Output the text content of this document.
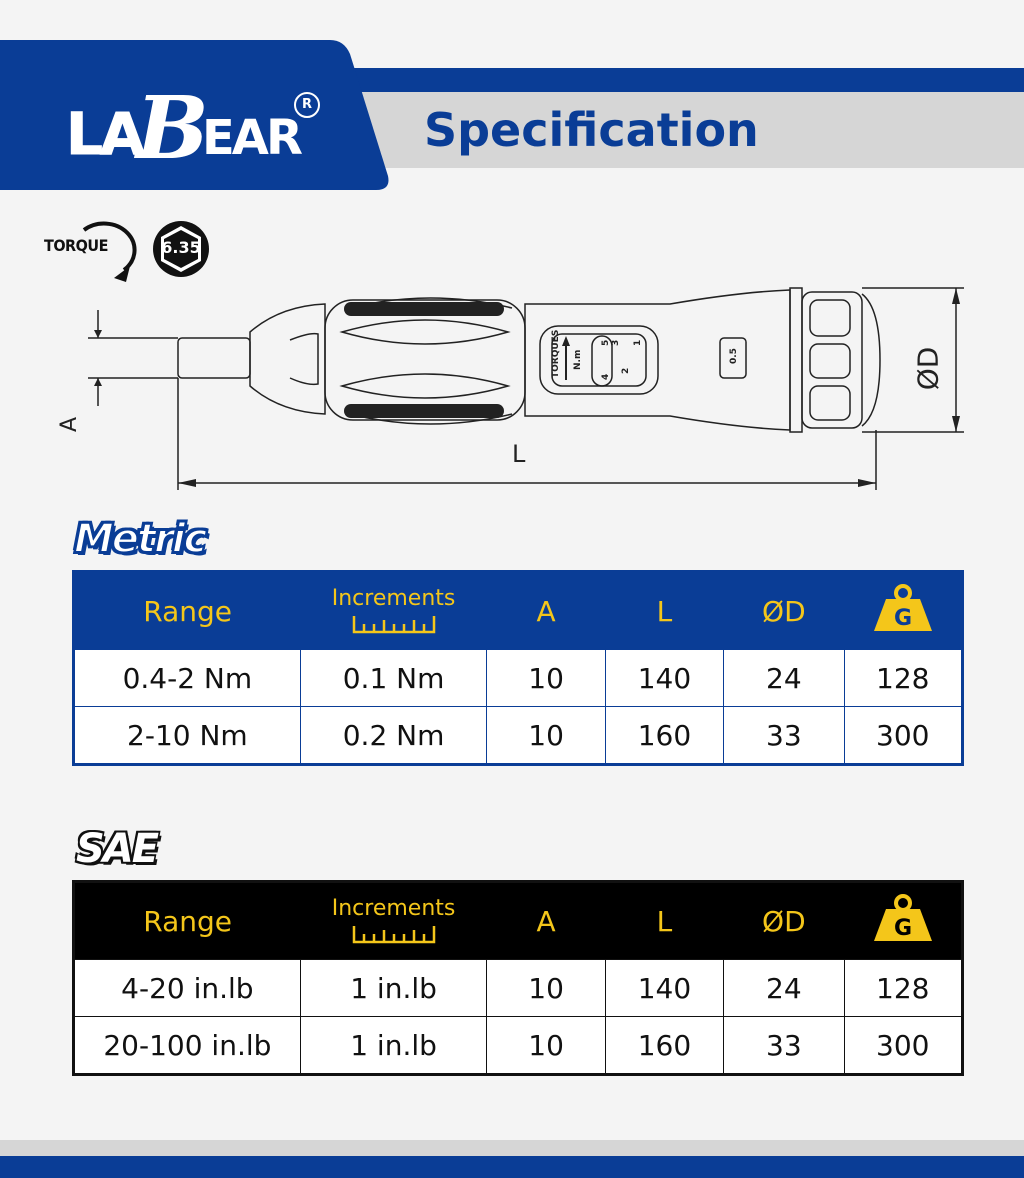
LA
B
EAR
R Specification
TORQUE	6.35
TORQUES N.m
5
4
3
2
1
0.5
A
L
ØD
Metric
Range	Increments	A	L	ØD	G

0.4-2 Nm	0.1 Nm	10	140	24	128
2-10 Nm	0.2 Nm	10	160	33	300
SAE
Range	Increments	A	L	ØD	G

4-20 in.lb	1 in.lb	10	140	24	128
20-100 in.lb	1 in.lb	10	160	33	300
